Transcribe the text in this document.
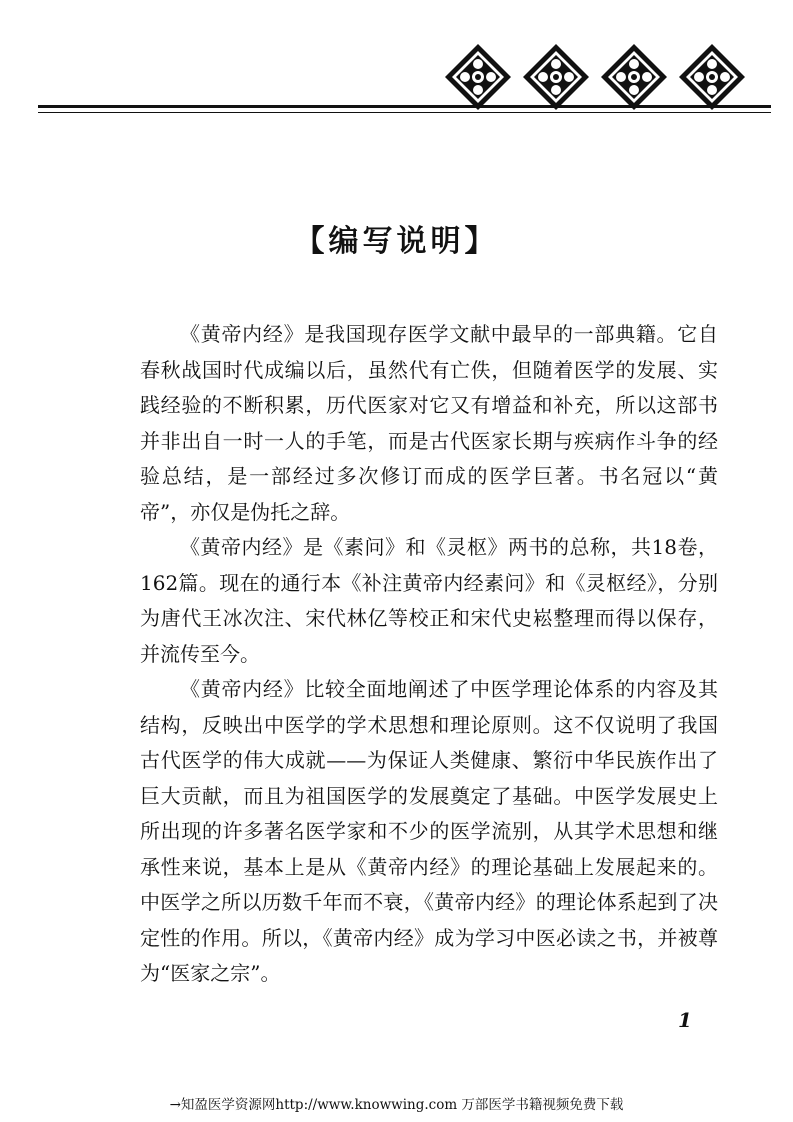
【编写说明】

《黄帝内经》是我国现存医学文献中最早的一部典籍。它自春秋战国时代成编以后，虽然代有亡佚，但随着医学的发展、实践经验的不断积累，历代医家对它又有增益和补充，所以这部书并非出自一时一人的手笔，而是古代医家长期与疾病作斗争的经验总结，是一部经过多次修订而成的医学巨著。书名冠以“黄帝”，亦仅是伪托之辞。

《黄帝内经》是《素问》和《灵枢》两书的总称，共18卷，162篇。现在的通行本《补注黄帝内经素问》和《灵枢经》，分别为唐代王冰次注、宋代林亿等校正和宋代史崧整理而得以保存，并流传至今。

《黄帝内经》比较全面地阐述了中医学理论体系的内容及其结构，反映出中医学的学术思想和理论原则。这不仅说明了我国古代医学的伟大成就——为保证人类健康、繁衍中华民族作出了巨大贡献，而且为祖国医学的发展奠定了基础。中医学发展史上所出现的许多著名医学家和不少的医学流别，从其学术思想和继承性来说，基本上是从《黄帝内经》的理论基础上发展起来的。中医学之所以历数千年而不衰，《黄帝内经》的理论体系起到了决定性的作用。所以，《黄帝内经》成为学习中医必读之书，并被尊为“医家之宗”。

1
→知盈医学资源网http://www.knowwing.com 万部医学书籍视频免费下载
